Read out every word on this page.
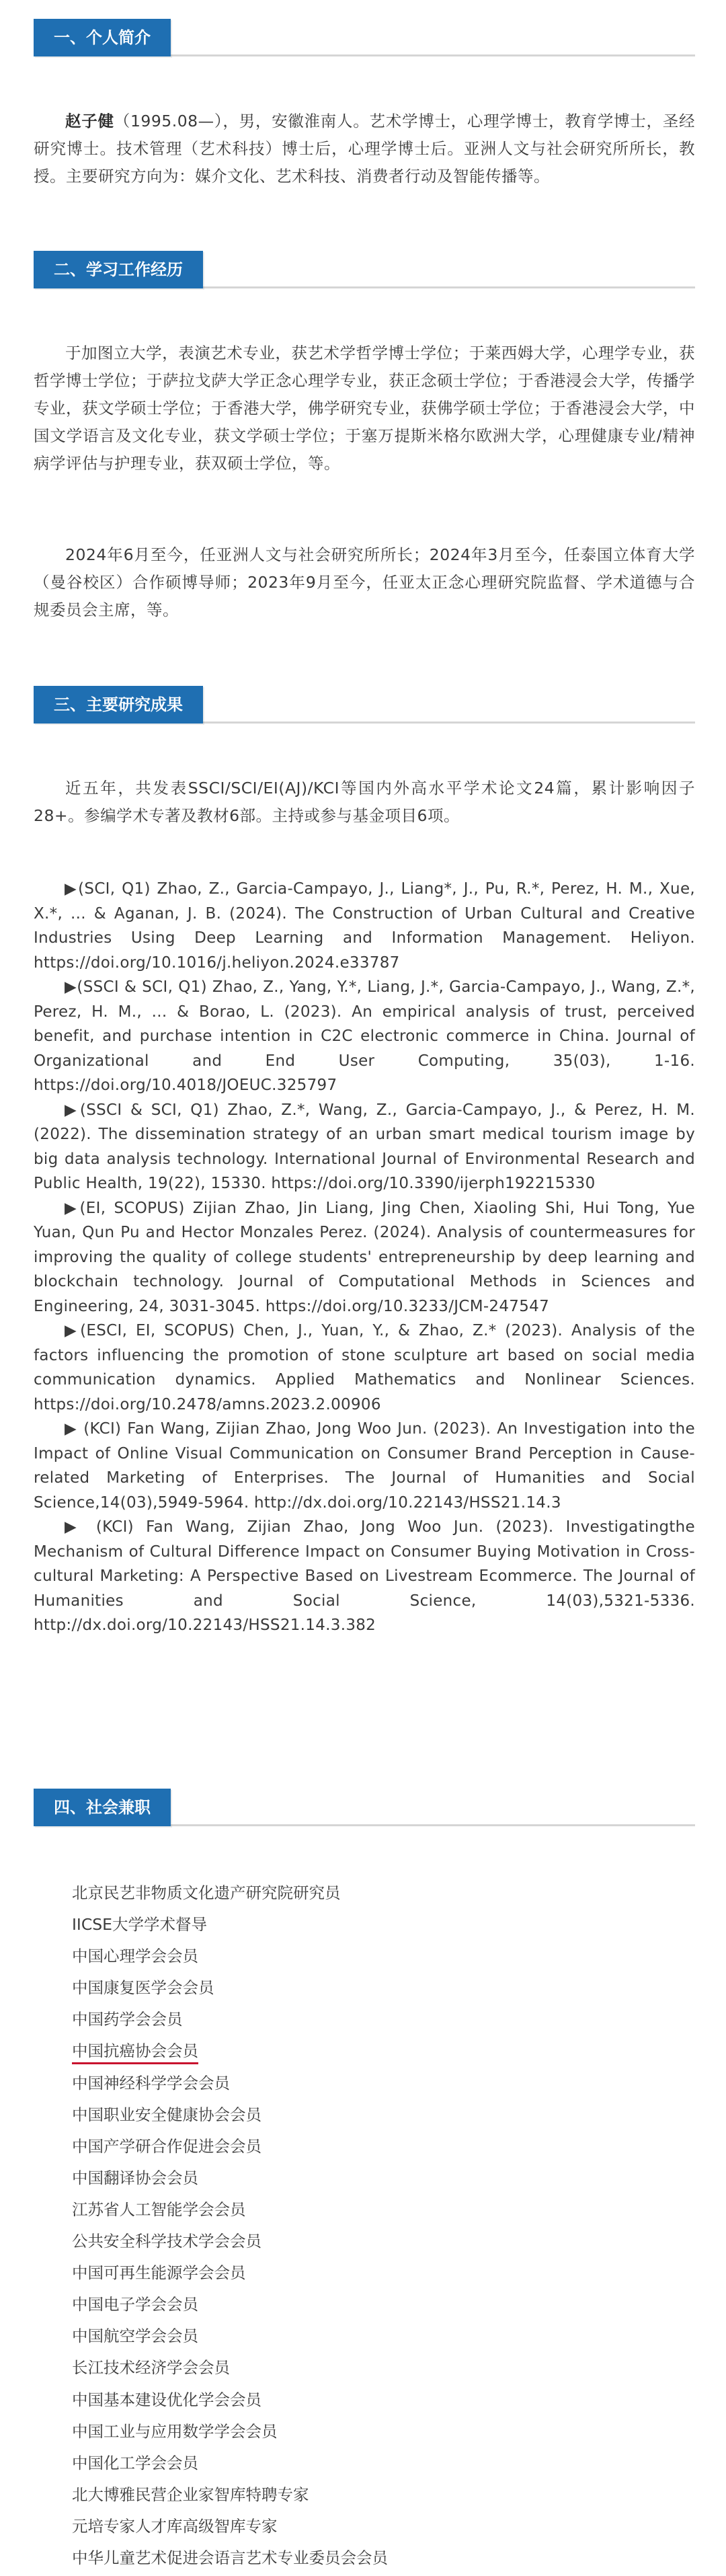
一、个人简介

赵子健（1995.08—），男，安徽淮南人。艺术学博士，心理学博士，教育学博士，圣经研究博士。技术管理（艺术科技）博士后，心理学博士后。亚洲人文与社会研究所所长，教授。主要研究方向为：媒介文化、艺术科技、消费者行动及智能传播等。

二、学习工作经历

于加图立大学，表演艺术专业，获艺术学哲学博士学位；于莱西姆大学，心理学专业，获哲学博士学位；于萨拉戈萨大学正念心理学专业，获正念硕士学位；于香港浸会大学，传播学专业，获文学硕士学位；于香港大学，佛学研究专业，获佛学硕士学位；于香港浸会大学，中国文学语言及文化专业，获文学硕士学位；于塞万提斯米格尔欧洲大学，心理健康专业/精神病学评估与护理专业，获双硕士学位，等。

2024年6月至今，任亚洲人文与社会研究所所长；2024年3月至今，任泰国立体育大学（曼谷校区）合作硕博导师；2023年9月至今，任亚太正念心理研究院监督、学术道德与合规委员会主席，等。

三、主要研究成果

近五年，共发表SSCI/SCI/EI(AJ)/KCI等国内外高水平学术论文24篇，累计影响因子28+。参编学术专著及教材6部。主持或参与基金项目6项。

▶(SCI, Q1) Zhao, Z., Garcia-Campayo, J., Liang*, J., Pu, R.*, Perez, H. M., Xue, X.*, ... & Aganan, J. B. (2024). The Construction of Urban Cultural and Creative Industries Using Deep Learning and Information Management. Heliyon. https://doi.org/10.1016/j.heliyon.2024.e33787

▶(SSCI & SCI, Q1) Zhao, Z., Yang, Y.*, Liang, J.*, Garcia-Campayo, J., Wang, Z.*, Perez, H. M., ... & Borao, L. (2023). An empirical analysis of trust, perceived benefit, and purchase intention in C2C electronic commerce in China. Journal of Organizational and End User Computing, 35(03), 1-16. https://doi.org/10.4018/JOEUC.325797

▶(SSCI & SCI, Q1) Zhao, Z.*, Wang, Z., Garcia-Campayo, J., & Perez, H. M. (2022). The dissemination strategy of an urban smart medical tourism image by big data analysis technology. International Journal of Environmental Research and Public Health, 19(22), 15330. https://doi.org/10.3390/ijerph192215330

▶(EI, SCOPUS) Zijian Zhao, Jin Liang, Jing Chen, Xiaoling Shi, Hui Tong, Yue Yuan, Qun Pu and Hector Monzales Perez. (2024). Analysis of countermeasures for improving the quality of college students' entrepreneurship by deep learning and blockchain technology. Journal of Computational Methods in Sciences and Engineering, 24, 3031-3045. https://doi.org/10.3233/JCM-247547

▶(ESCI, EI, SCOPUS) Chen, J., Yuan, Y., & Zhao, Z.* (2023). Analysis of the factors influencing the promotion of stone sculpture art based on social media communication dynamics. Applied Mathematics and Nonlinear Sciences. https://doi.org/10.2478/amns.2023.2.00906

▶ (KCI) Fan Wang, Zijian Zhao, Jong Woo Jun. (2023). An Investigation into the Impact of Online Visual Communication on Consumer Brand Perception in Cause-related Marketing of Enterprises. The Journal of Humanities and Social Science,14(03),5949-5964. http://dx.doi.org/10.22143/HSS21.14.3

▶ (KCI) Fan Wang, Zijian Zhao, Jong Woo Jun. (2023). Investigatingthe Mechanism of Cultural Difference Impact on Consumer Buying Motivation in Cross-cultural Marketing: A Perspective Based on Livestream Ecommerce. The Journal of Humanities and Social Science, 14(03),5321-5336. http://dx.doi.org/10.22143/HSS21.14.3.382

四、社会兼职
北京民艺非物质文化遗产研究院研究员
IICSE大学学术督导
中国心理学会会员
中国康复医学会会员
中国药学会会员
中国抗癌协会会员
中国神经科学学会会员
中国职业安全健康协会会员
中国产学研合作促进会会员
中国翻译协会会员
江苏省人工智能学会会员
公共安全科学技术学会会员
中国可再生能源学会会员
中国电子学会会员
中国航空学会会员
长江技术经济学会会员
中国基本建设优化学会会员
中国工业与应用数学学会会员
中国化工学会会员
北大博雅民营企业家智库特聘专家
元培专家人才库高级智库专家
中华儿童艺术促进会语言艺术专业委员会会员
